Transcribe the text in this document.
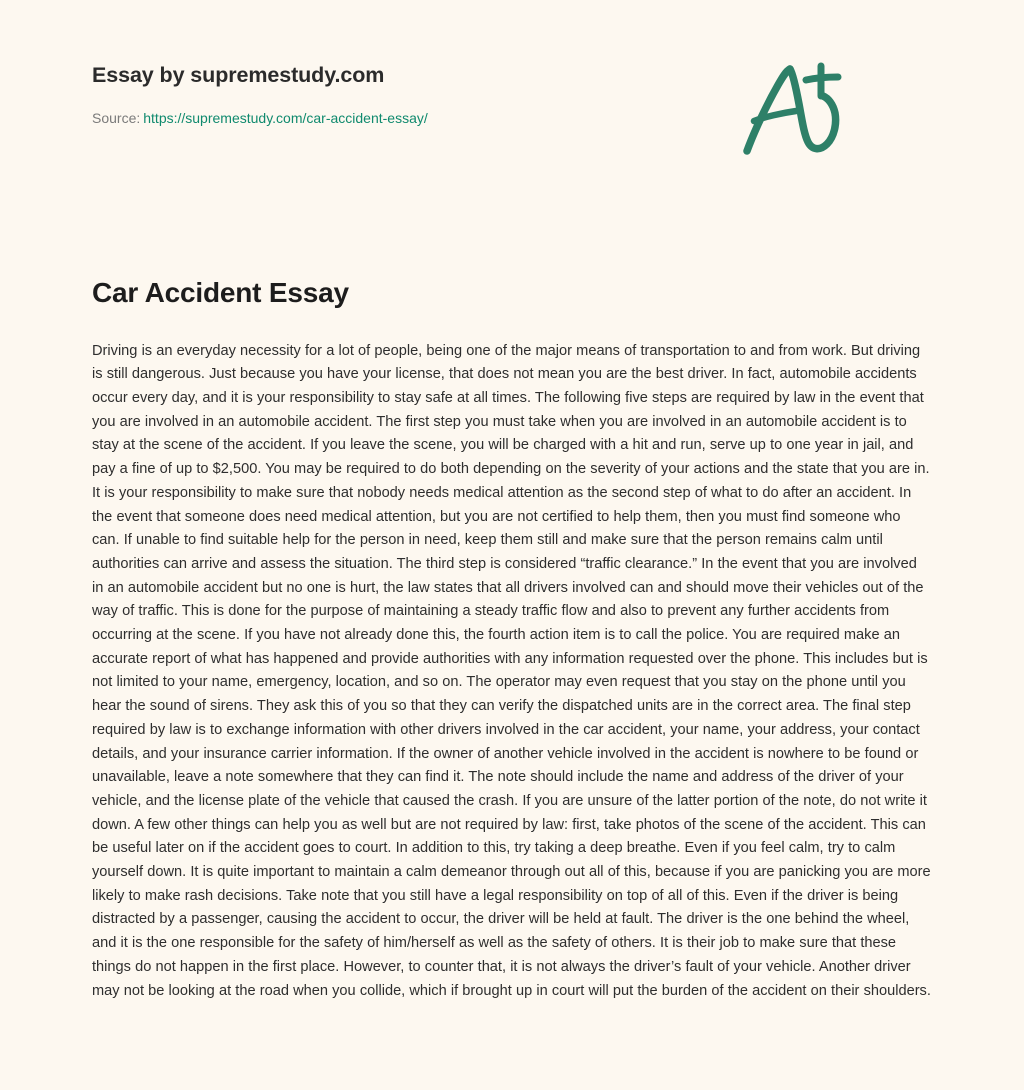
Essay by supremestudy.com
Source: https://supremestudy.com/car-accident-essay/
Car Accident Essay

Driving is an everyday necessity for a lot of people, being one of the major means of transportation to and from work. But driving is still dangerous. Just because you have your license, that does not mean you are the best driver. In fact, automobile accidents occur every day, and it is your responsibility to stay safe at all times. The following five steps are required by law in the event that you are involved in an automobile accident. The first step you must take when you are involved in an automobile accident is to stay at the scene of the accident. If you leave the scene, you will be charged with a hit and run, serve up to one year in jail, and pay a fine of up to $2,500. You may be required to do both depending on the severity of your actions and the state that you are in. It is your responsibility to make sure that nobody needs medical attention as the second step of what to do after an accident. In the event that someone does need medical attention, but you are not certified to help them, then you must find someone who can. If unable to find suitable help for the person in need, keep them still and make sure that the person remains calm until authorities can arrive and assess the situation. The third step is considered “traffic clearance.” In the event that you are involved in an automobile accident but no one is hurt, the law states that all drivers involved can and should move their vehicles out of the way of traffic. This is done for the purpose of maintaining a steady traffic flow and also to prevent any further accidents from occurring at the scene. If you have not already done this, the fourth action item is to call the police. You are required make an accurate report of what has happened and provide authorities with any information requested over the phone. This includes but is not limited to your name, emergency, location, and so on. The operator may even request that you stay on the phone until you hear the sound of sirens. They ask this of you so that they can verify the dispatched units are in the correct area. The final step required by law is to exchange information with other drivers involved in the car accident, your name, your address, your contact details, and your insurance carrier information. If the owner of another vehicle involved in the accident is nowhere to be found or unavailable, leave a note somewhere that they can find it. The note should include the name and address of the driver of your vehicle, and the license plate of the vehicle that caused the crash. If you are unsure of the latter portion of the note, do not write it down. A few other things can help you as well but are not required by law: first, take photos of the scene of the accident. This can be useful later on if the accident goes to court. In addition to this, try taking a deep breathe. Even if you feel calm, try to calm yourself down. It is quite important to maintain a calm demeanor through out all of this, because if you are panicking you are more likely to make rash decisions. Take note that you still have a legal responsibility on top of all of this. Even if the driver is being distracted by a passenger, causing the accident to occur, the driver will be held at fault. The driver is the one behind the wheel, and it is the one responsible for the safety of him/herself as well as the safety of others. It is their job to make sure that these things do not happen in the first place. However, to counter that, it is not always the driver’s fault of your vehicle. Another driver may not be looking at the road when you collide, which if brought up in court will put the burden of the accident on their shoulders.
